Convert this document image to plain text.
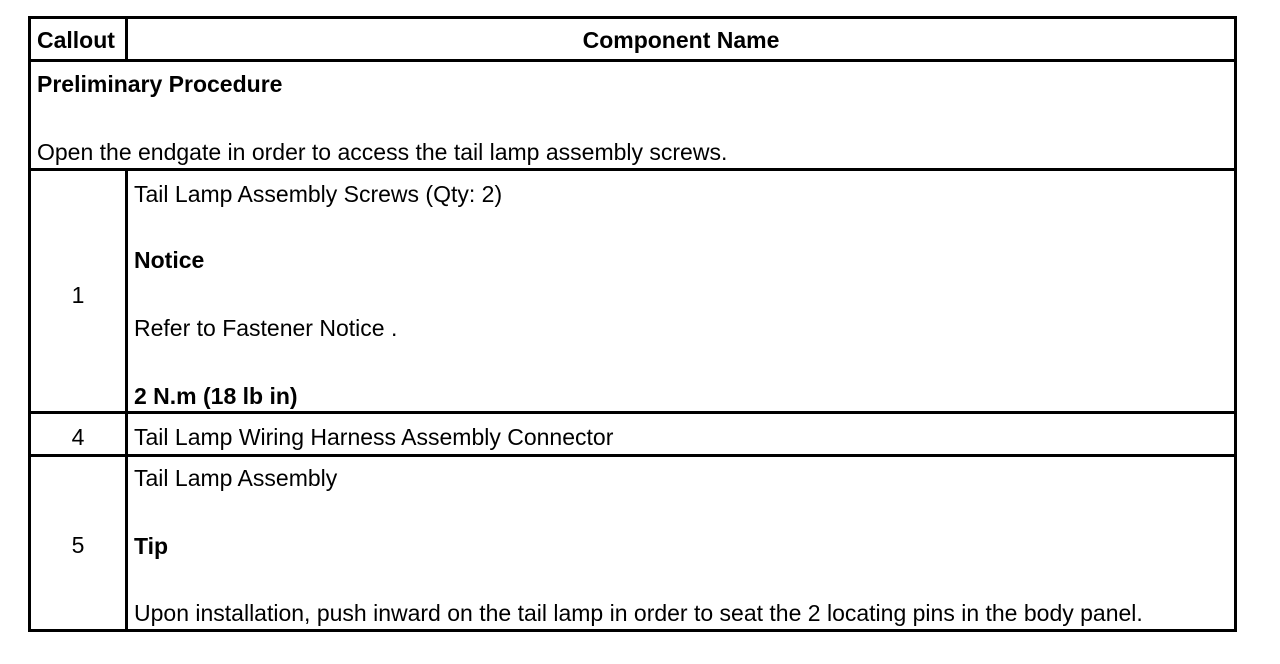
Callout	Component Name
Preliminary Procedure
Open the endgate in order to access the tail lamp assembly screws.
1
Tail Lamp Assembly Screws (Qty: 2)
Notice
Refer to Fastener Notice .
2 N.m (18 lb in)
4	Tail Lamp Wiring Harness Assembly Connector
5
Tail Lamp Assembly
Tip
Upon installation, push inward on the tail lamp in order to seat the 2 locating pins in the body panel.
